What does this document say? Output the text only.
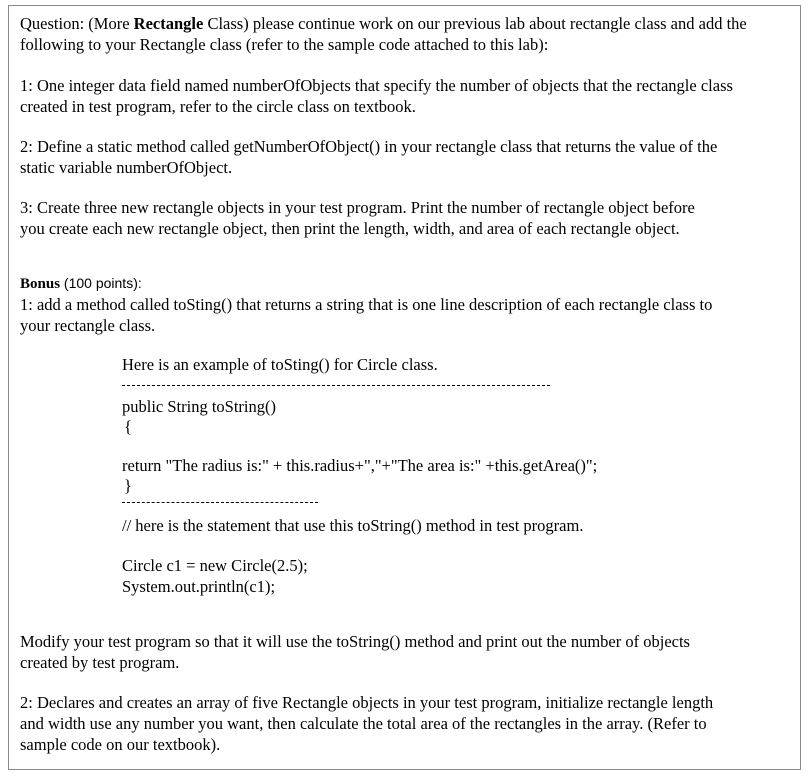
Question: (More Rectangle Class) please continue work on our previous lab about rectangle class and add the
following to your Rectangle class (refer to the sample code attached to this lab):
1: One integer data field named numberOfObjects that specify the number of objects that the rectangle class
created in test program, refer to the circle class on textbook.
2: Define a static method called getNumberOfObject() in your rectangle class that returns the value of the
static variable numberOfObject.
3: Create three new rectangle objects in your test program. Print the number of rectangle object before
you create each new rectangle object, then print the length, width, and area of each rectangle object.
Bonus (100 points):
1: add a method called toSting() that returns a string that is one line description of each rectangle class to
your rectangle class.
Here is an example of toSting() for Circle class.
public String toString()
{
return "The radius is:" + this.radius+","+"The area is:" +this.getArea()";
}
// here is the statement that use this toString() method in test program.
Circle c1 = new Circle(2.5);
System.out.println(c1);
Modify your test program so that it will use the toString() method and print out the number of objects
created by test program.
2: Declares and creates an array of five Rectangle objects in your test program, initialize rectangle length
and width use any number you want, then calculate the total area of the rectangles in the array. (Refer to
sample code on our textbook).
